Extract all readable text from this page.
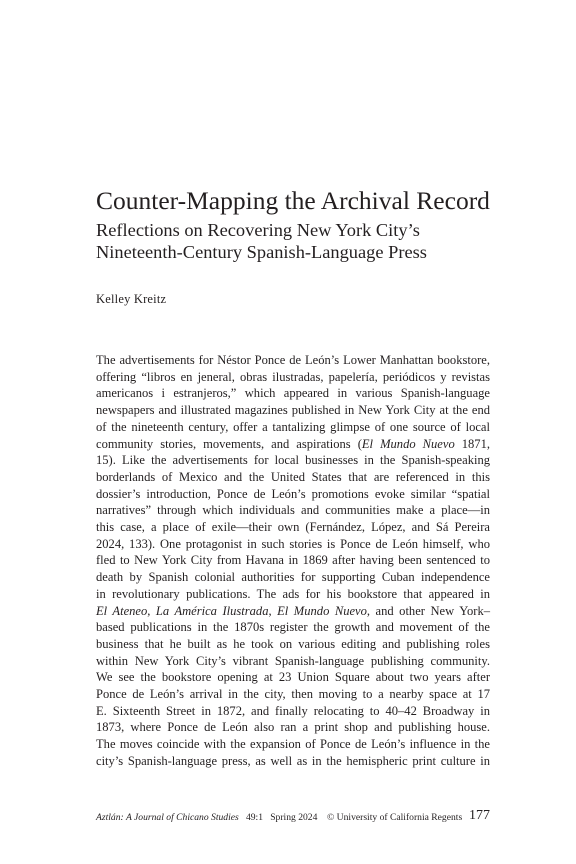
Counter-Mapping the Archival Record
Reflections on Recovering New York City’s
Nineteenth-Century Spanish-Language Press
Kelley Kreitz
The advertisements for Néstor Ponce de León’s Lower Manhattan bookstore,
offering “libros en jeneral, obras ilustradas, papelería, periódicos y revistas
americanos i estranjeros,” which appeared in various Spanish-language
newspapers and illustrated magazines published in New York City at the end
of the nineteenth century, offer a tantalizing glimpse of one source of local
community stories, movements, and aspirations (El Mundo Nuevo 1871,
15). Like the advertisements for local businesses in the Spanish-speaking
borderlands of Mexico and the United States that are referenced in this
dossier’s introduction, Ponce de León’s promotions evoke similar “spatial
narratives” through which individuals and communities make a place—in
this case, a place of exile—their own (Fernández, López, and Sá Pereira
2024, 133). One protagonist in such stories is Ponce de León himself, who
fled to New York City from Havana in 1869 after having been sentenced to
death by Spanish colonial authorities for supporting Cuban independence
in revolutionary publications. The ads for his bookstore that appeared in
El Ateneo, La América Ilustrada, El Mundo Nuevo, and other New York–
based publications in the 1870s register the growth and movement of the
business that he built as he took on various editing and publishing roles
within New York City’s vibrant Spanish-language publishing community.
We see the bookstore opening at 23 Union Square about two years after
Ponce de León’s arrival in the city, then moving to a nearby space at 17
E. Sixteenth Street in 1872, and finally relocating to 40–42 Broadway in
1873, where Ponce de León also ran a print shop and publishing house.
The moves coincide with the expansion of Ponce de León’s influence in the
city’s Spanish-language press, as well as in the hemispheric print culture in
Aztlán: A Journal of Chicano Studies 49:1 Spring 2024 © University of California Regents 177
